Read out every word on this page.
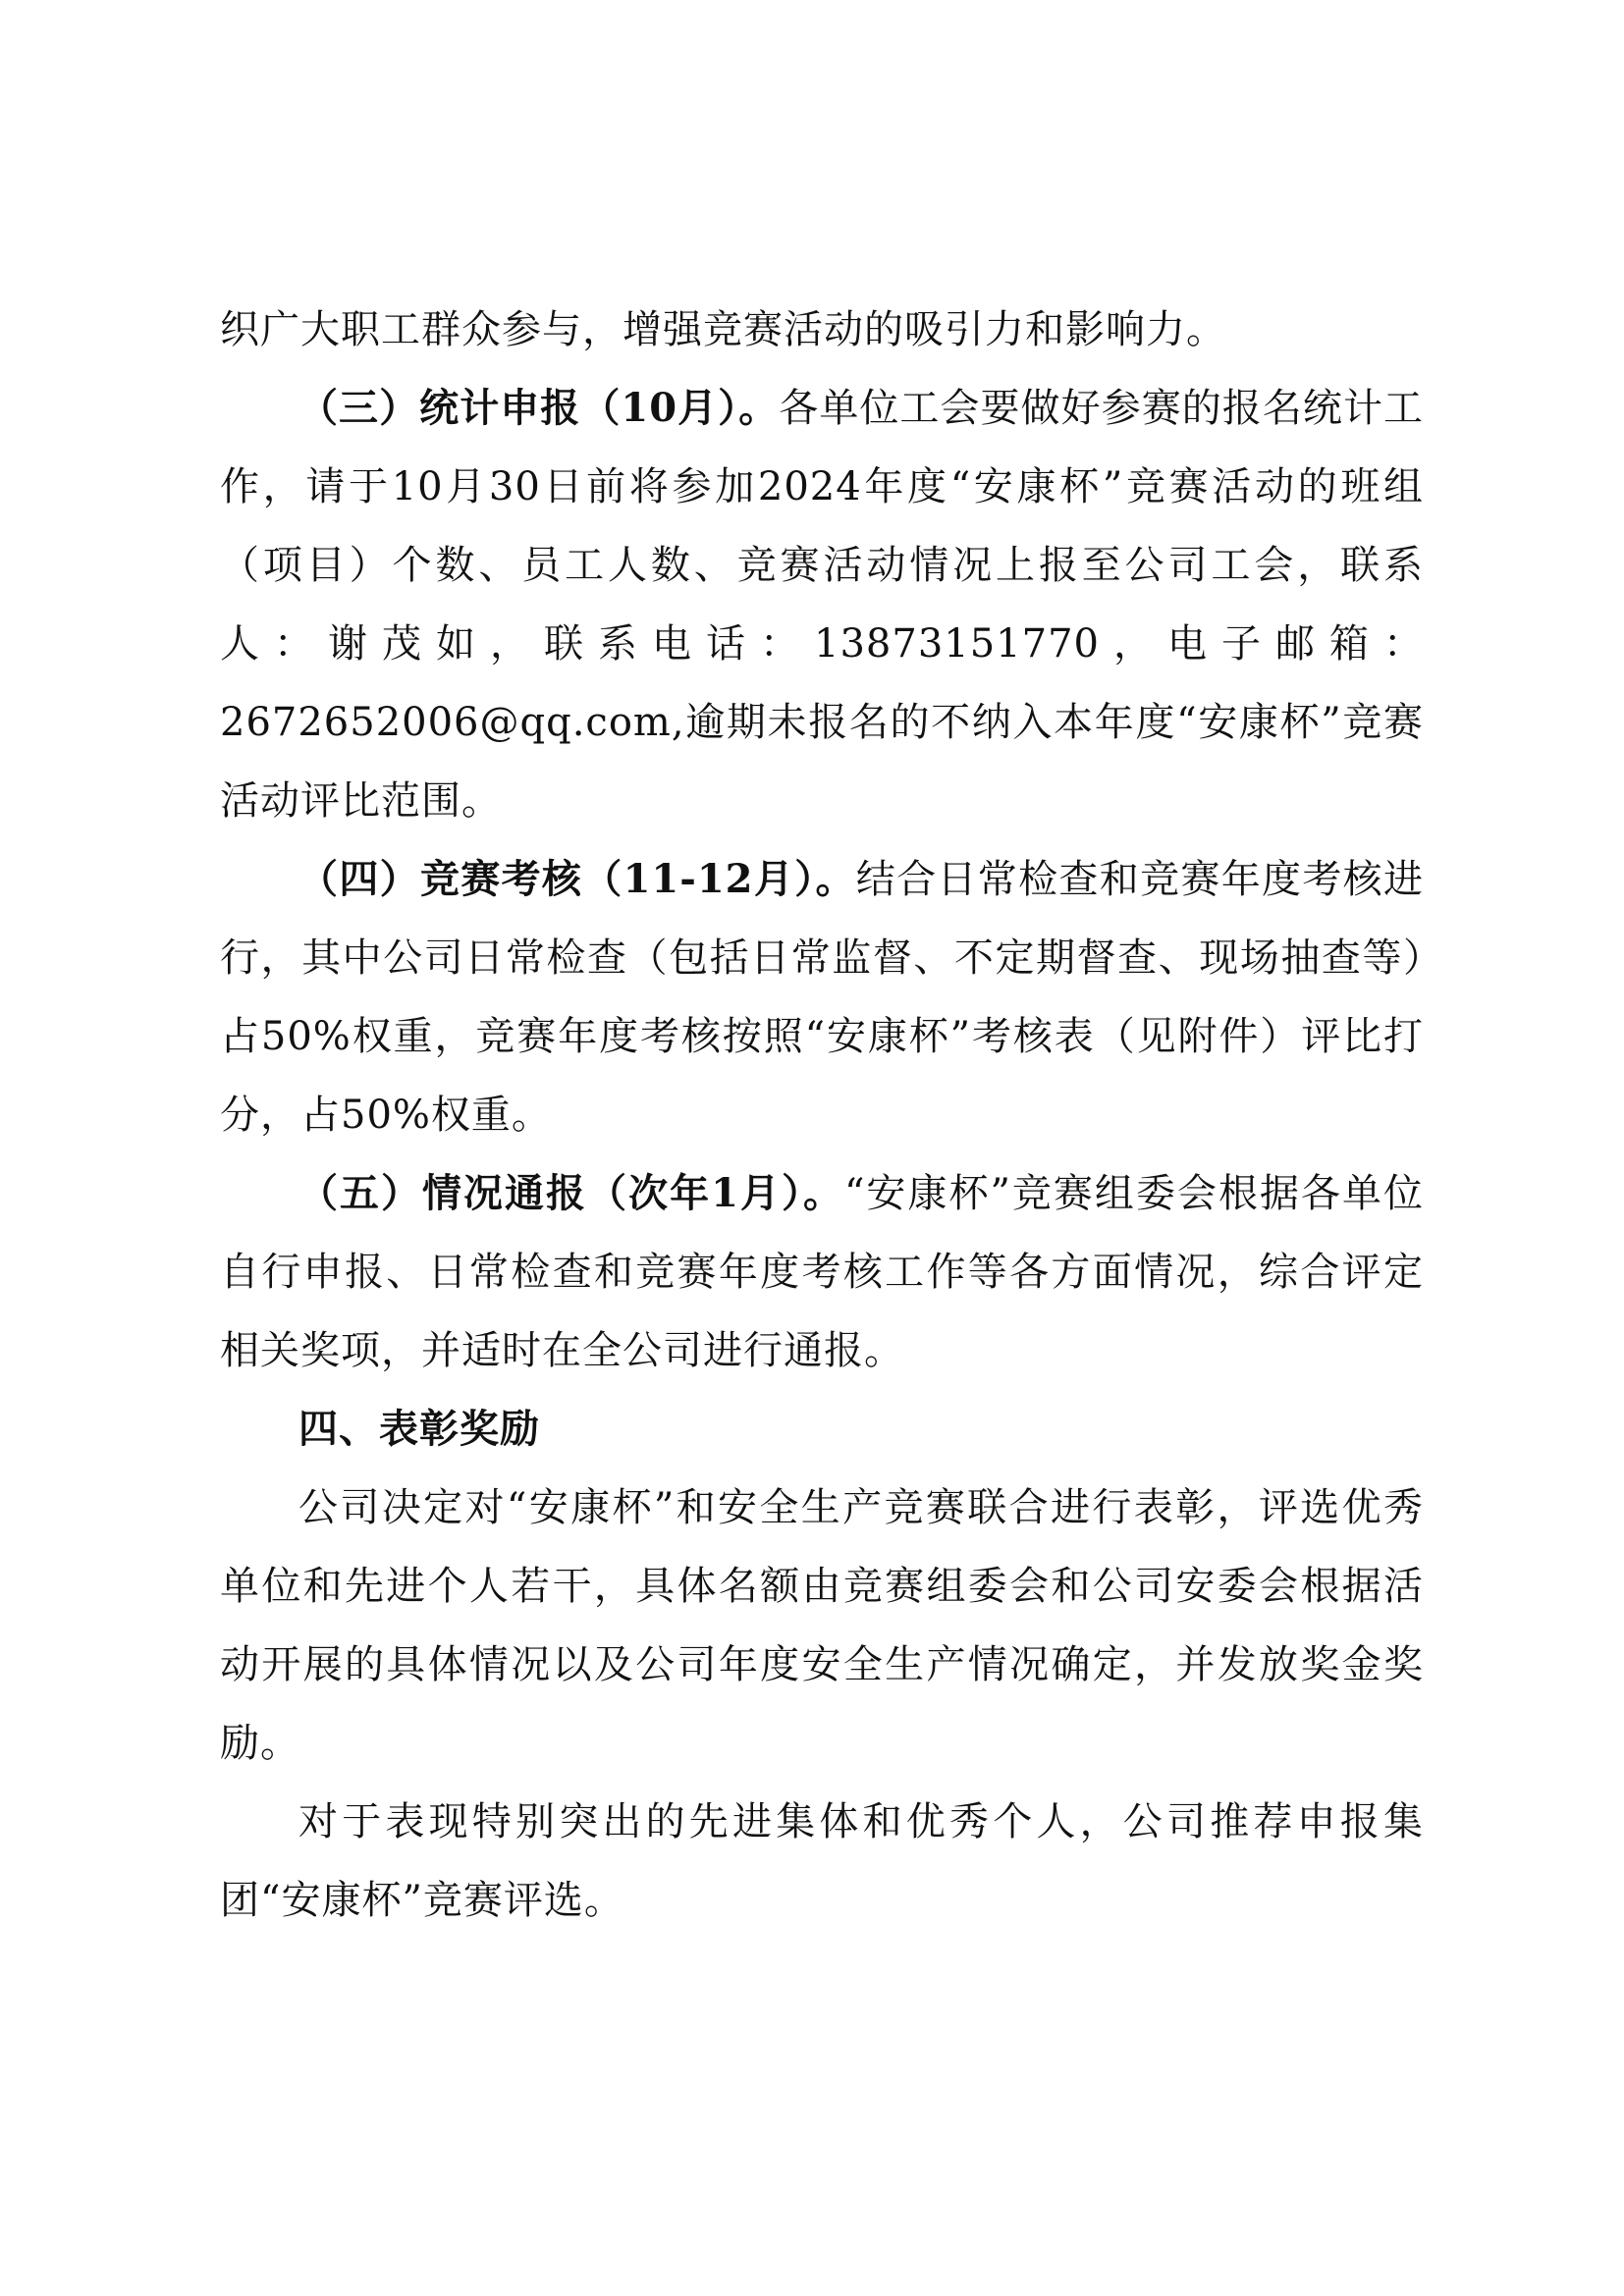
织广大职工群众参与，增强竞赛活动的吸引力和影响力。

（三）统计申报（10月）。各单位工会要做好参赛的报名统计工作，请于10月30日前将参加2024年度“安康杯”竞赛活动的班组（项目）个数、员工人数、竞赛活动情况上报至公司工会，联系人：谢茂如，联系电话：13873151770，电子邮箱：2672652006@qq.com,逾期未报名的不纳入本年度“安康杯”竞赛活动评比范围。

（四）竞赛考核（11-12月）。结合日常检查和竞赛年度考核进行，其中公司日常检查（包括日常监督、不定期督查、现场抽查等）占50%权重，竞赛年度考核按照“安康杯”考核表（见附件）评比打分，占50%权重。

（五）情况通报（次年1月）。“安康杯”竞赛组委会根据各单位自行申报、日常检查和竞赛年度考核工作等各方面情况，综合评定相关奖项，并适时在全公司进行通报。

四、表彰奖励

公司决定对“安康杯”和安全生产竞赛联合进行表彰，评选优秀单位和先进个人若干，具体名额由竞赛组委会和公司安委会根据活动开展的具体情况以及公司年度安全生产情况确定，并发放奖金奖励。

对于表现特别突出的先进集体和优秀个人，公司推荐申报集团“安康杯”竞赛评选。
